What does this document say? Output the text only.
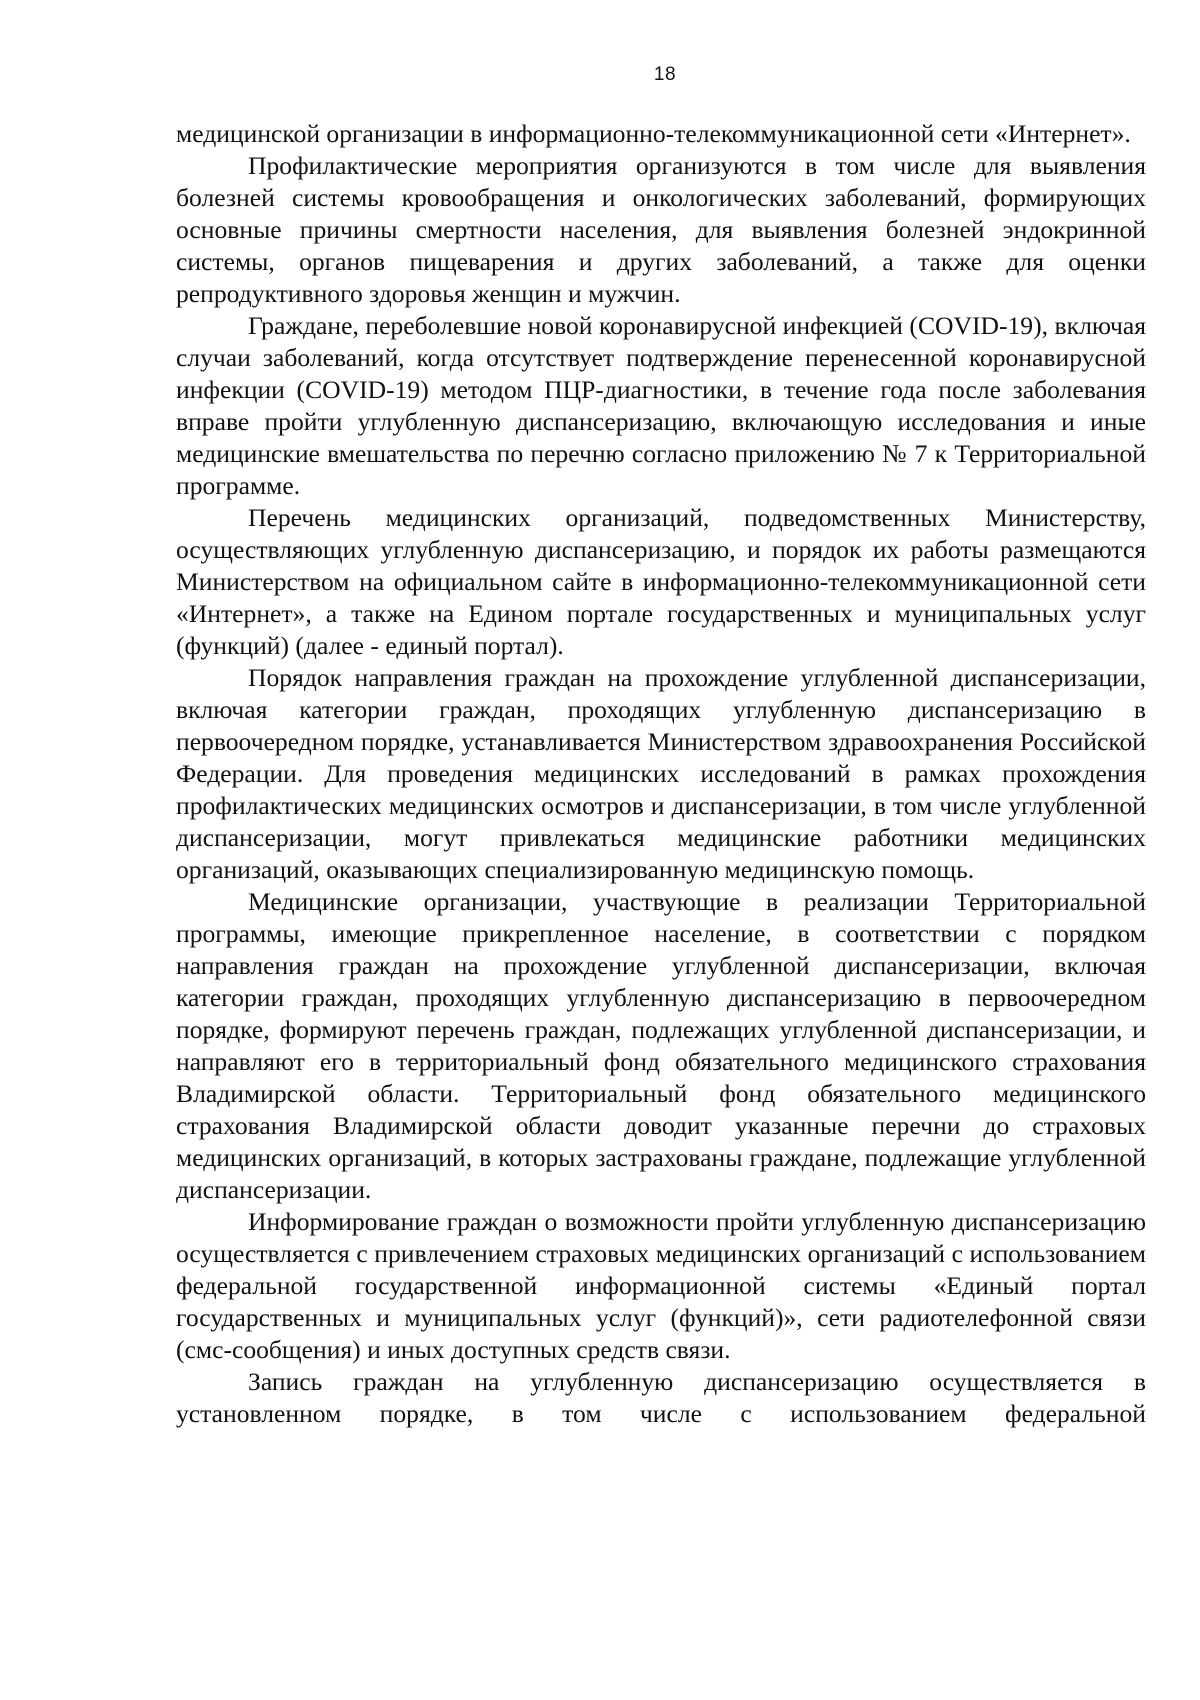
18

медицинской организации в информационно-телекоммуникационной сети «Интернет».

Профилактические мероприятия организуются в том числе для выявления болезней системы кровообращения и онкологических заболеваний, формирующих основные причины смертности населения, для выявления болезней эндокринной системы, органов пищеварения и других заболеваний, а также для оценки репродуктивного здоровья женщин и мужчин.

Граждане, переболевшие новой коронавирусной инфекцией (COVID-19), включая случаи заболеваний, когда отсутствует подтверждение перенесенной коронавирусной инфекции (COVID-19) методом ПЦР-диагностики, в течение года после заболевания вправе пройти углубленную диспансеризацию, включающую исследования и иные медицинские вмешательства по перечню согласно приложению № 7 к Территориальной программе.

Перечень медицинских организаций, подведомственных Министерству, осуществляющих углубленную диспансеризацию, и порядок их работы размещаются Министерством на официальном сайте в информационно-телекоммуникационной сети «Интернет», а также на Едином портале государственных и муниципальных услуг (функций) (далее - единый портал).

Порядок направления граждан на прохождение углубленной диспансеризации, включая категории граждан, проходящих углубленную диспансеризацию в первоочередном порядке, устанавливается Министерством здравоохранения Российской Федерации. Для проведения медицинских исследований в рамках прохождения профилактических медицинских осмотров и диспансеризации, в том числе углубленной диспансеризации, могут привлекаться медицинские работники медицинских организаций, оказывающих специализированную медицинскую помощь.

Медицинские организации, участвующие в реализации Территориальной программы, имеющие прикрепленное население, в соответствии с порядком направления граждан на прохождение углубленной диспансеризации, включая категории граждан, проходящих углубленную диспансеризацию в первоочередном порядке, формируют перечень граждан, подлежащих углубленной диспансеризации, и направляют его в территориальный фонд обязательного медицинского страхования Владимирской области. Территориальный фонд обязательного медицинского страхования Владимирской области доводит указанные перечни до страховых медицинских организаций, в которых застрахованы граждане, подлежащие углубленной диспансеризации.

Информирование граждан о возможности пройти углубленную диспансеризацию осуществляется с привлечением страховых медицинских организаций с использованием федеральной государственной информационной системы «Единый портал государственных и муниципальных услуг (функций)», сети радиотелефонной связи (смс-сообщения) и иных доступных средств связи.

Запись граждан на углубленную диспансеризацию осуществляется в установленном порядке, в том числе с использованием федеральной
